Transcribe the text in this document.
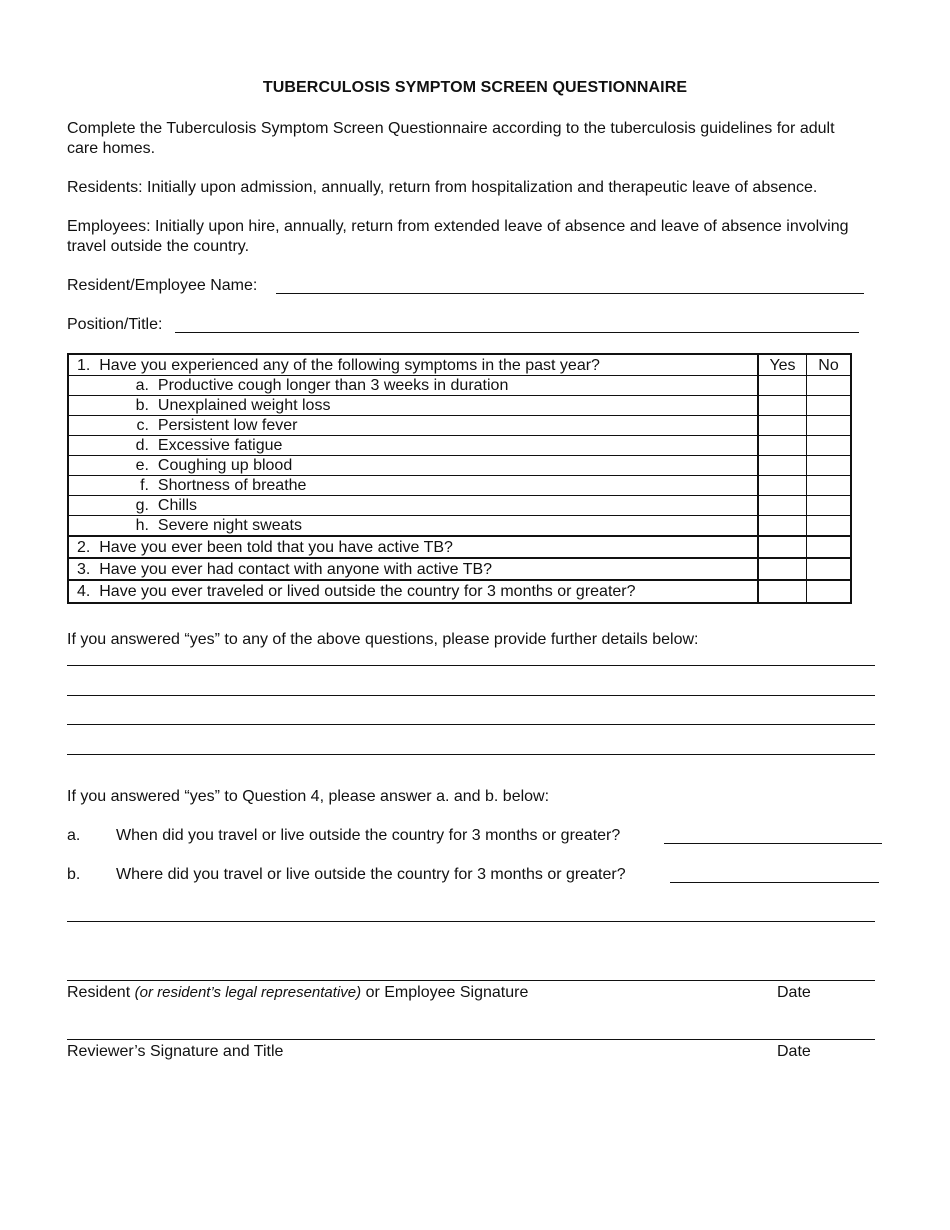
TUBERCULOSIS SYMPTOM SCREEN QUESTIONNAIRE
Complete the Tuberculosis Symptom Screen Questionnaire according to the tuberculosis guidelines for adult care homes.
Residents: Initially upon admission, annually, return from hospitalization and therapeutic leave of absence.
Employees: Initially upon hire, annually, return from extended leave of absence and leave of absence involving travel outside the country.
Resident/Employee Name:
Position/Title:
1. Have you experienced any of the following symptoms in the past year?	Yes	No
a. Productive cough longer than 3 weeks in duration		
b. Unexplained weight loss		
c. Persistent low fever		
d. Excessive fatigue		
e. Coughing up blood		
f. Shortness of breathe		
g. Chills		
h. Severe night sweats		
2. Have you ever been told that you have active TB?		
3. Have you ever had contact with anyone with active TB?		
4. Have you ever traveled or lived outside the country for 3 months or greater?		
If you answered “yes” to any of the above questions, please provide further details below:
If you answered “yes” to Question 4, please answer a. and b. below:
a. When did you travel or live outside the country for 3 months or greater?
b. Where did you travel or live outside the country for 3 months or greater?
Resident (or resident’s legal representative) or Employee Signature	Date
Reviewer’s Signature and Title	Date
